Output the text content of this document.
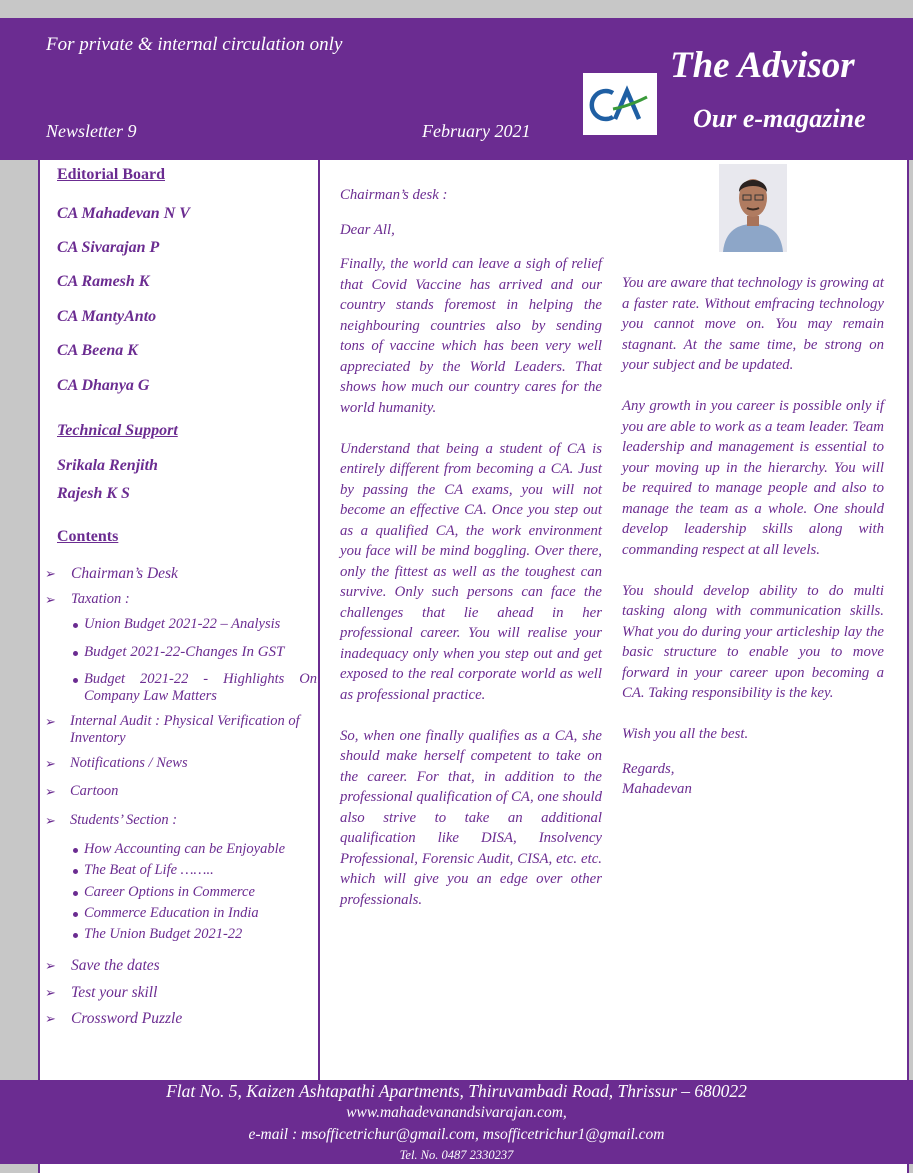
For private & internal circulation only
Newsletter 9	February 2021
The Advisor
Our e-magazine
Editorial Board
CA Mahadevan N V
CA Sivarajan P
CA Ramesh K
CA MantyAnto
CA Beena K
CA Dhanya G
Technical Support
Srikala Renjith
Rajesh K S
Contents
➢ Chairman’s Desk
➢ Taxation :
Union Budget 2021-22 – Analysis
Budget 2021-22-Changes In GST
Budget 2021-22 - Highlights On Company Law Matters
➢ Internal Audit : Physical Verification of Inventory
➢ Notifications / News
➢ Cartoon
➢ Students’ Section :
How Accounting can be Enjoyable
The Beat of Life ……..
Career Options in Commerce
Commerce Education in India
The Union Budget 2021-22
➢ Save the dates
➢ Test your skill
➢ Crossword Puzzle

Chairman’s desk :

Dear All,

Finally, the world can leave a sigh of relief that Covid Vaccine has arrived and our country stands foremost in helping the neighbouring countries also by sending tons of vaccine which has been very well appreciated by the World Leaders. That shows how much our country cares for the world humanity.

Understand that being a student of CA is entirely different from becoming a CA. Just by passing the CA exams, you will not become an effective CA. Once you step out as a qualified CA, the work environment you face will be mind boggling. Over there, only the fittest as well as the toughest can survive. Only such persons can face the challenges that lie ahead in her professional career. You will realise your inadequacy only when you step out and get exposed to the real corporate world as well as professional practice.

So, when one finally qualifies as a CA, she should make herself competent to take on the career. For that, in addition to the professional qualification of CA, one should also strive to take an additional qualification like DISA, Insolvency Professional, Forensic Audit, CISA, etc. etc. which will give you an edge over other professionals.

You are aware that technology is growing at a faster rate. Without emfracing technology you cannot move on. You may remain stagnant. At the same time, be strong on your subject and be updated.

Any growth in you career is possible only if you are able to work as a team leader. Team leadership and management is essential to your moving up in the hierarchy. You will be required to manage people and also to manage the team as a whole. One should develop leadership skills along with commanding respect at all levels.

You should develop ability to do multi tasking along with communication skills. What you do during your articleship lay the basic structure to enable you to move forward in your career upon becoming a CA. Taking responsibility is the key.

Wish you all the best.

Regards,

Mahadevan

Flat No. 5, Kaizen Ashtapathi Apartments, Thiruvambadi Road, Thrissur – 680022
www.mahadevanandsivarajan.com,
e-mail : msofficetrichur@gmail.com, msofficetrichur1@gmail.com
Tel. No. 0487 2330237
